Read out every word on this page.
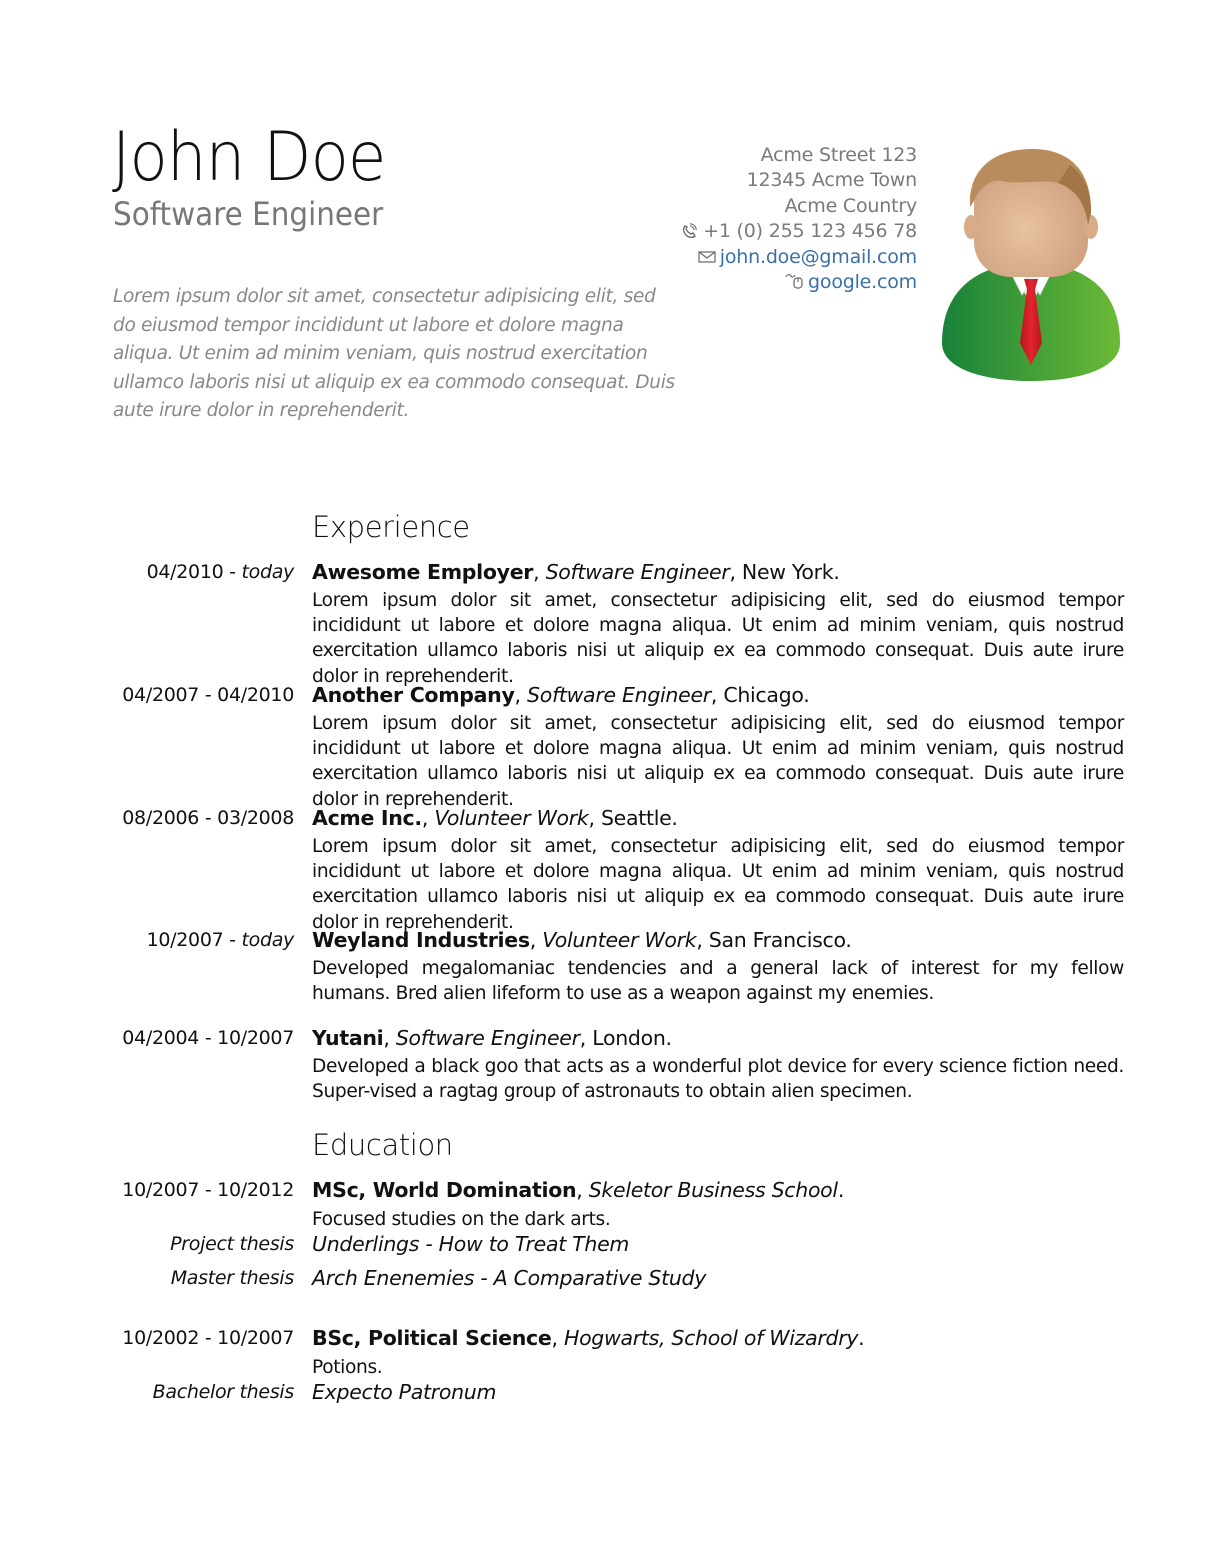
John Doe
Software Engineer
Lorem ipsum dolor sit amet, consectetur adipisicing elit, sed do eiusmod tempor incididunt ut labore et dolore magna aliqua. Ut enim ad minim veniam, quis nostrud exercitation ullamco laboris nisi ut aliquip ex ea commodo consequat. Duis aute irure dolor in reprehenderit.
Acme Street 123
12345 Acme Town
Acme Country
+1 (0) 255 123 456 78
john.doe@gmail.com
google.com
Experience
04/2010 - today Awesome Employer, Software Engineer, New York.
Lorem ipsum dolor sit amet, consectetur adipisicing elit, sed do eiusmod tempor incididunt ut labore et dolore magna aliqua. Ut enim ad minim veniam, quis nostrud exercitation ullamco laboris nisi ut aliquip ex ea commodo consequat. Duis aute irure dolor in reprehenderit.
04/2007 - 04/2010 Another Company, Software Engineer, Chicago.
Lorem ipsum dolor sit amet, consectetur adipisicing elit, sed do eiusmod tempor incididunt ut labore et dolore magna aliqua. Ut enim ad minim veniam, quis nostrud exercitation ullamco laboris nisi ut aliquip ex ea commodo consequat. Duis aute irure dolor in reprehenderit.
08/2006 - 03/2008 Acme Inc., Volunteer Work, Seattle.
Lorem ipsum dolor sit amet, consectetur adipisicing elit, sed do eiusmod tempor incididunt ut labore et dolore magna aliqua. Ut enim ad minim veniam, quis nostrud exercitation ullamco laboris nisi ut aliquip ex ea commodo consequat. Duis aute irure dolor in reprehenderit.
10/2007 - today Weyland Industries, Volunteer Work, San Francisco.
Developed megalomaniac tendencies and a general lack of interest for my fellow humans. Bred alien lifeform to use as a weapon against my enemies.
04/2004 - 10/2007 Yutani, Software Engineer, London.
Developed a black goo that acts as a wonderful plot device for every science fiction need. Super-vised a ragtag group of astronauts to obtain alien specimen.
Education
10/2007 - 10/2012 MSc, World Domination, Skeletor Business School.
Focused studies on the dark arts.
Project thesis Underlings - How to Treat Them
Master thesis Arch Enenemies - A Comparative Study
10/2002 - 10/2007 BSc, Political Science, Hogwarts, School of Wizardry.
Potions.
Bachelor thesis Expecto Patronum
